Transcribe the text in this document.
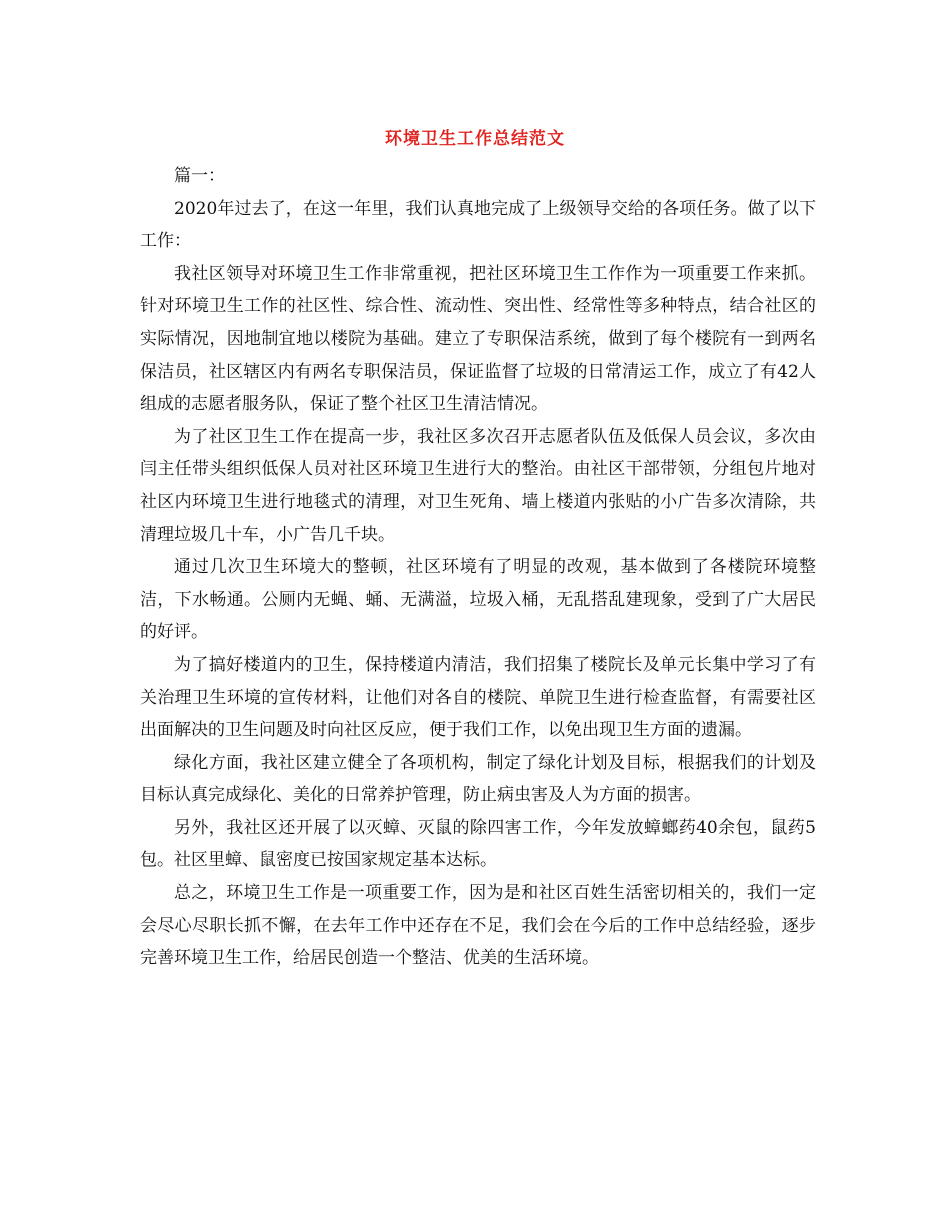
环境卫生工作总结范文

篇一：

2020年过去了，在这一年里，我们认真地完成了上级领导交给的各项任务。做了以下工作：

我社区领导对环境卫生工作非常重视，把社区环境卫生工作作为一项重要工作来抓。针对环境卫生工作的社区性、综合性、流动性、突出性、经常性等多种特点，结合社区的实际情况，因地制宜地以楼院为基础。建立了专职保洁系统，做到了每个楼院有一到两名保洁员，社区辖区内有两名专职保洁员，保证监督了垃圾的日常清运工作，成立了有42人组成的志愿者服务队，保证了整个社区卫生清洁情况。

为了社区卫生工作在提高一步，我社区多次召开志愿者队伍及低保人员会议，多次由闫主任带头组织低保人员对社区环境卫生进行大的整治。由社区干部带领，分组包片地对社区内环境卫生进行地毯式的清理，对卫生死角、墙上楼道内张贴的小广告多次清除，共清理垃圾几十车，小广告几千块。

通过几次卫生环境大的整顿，社区环境有了明显的改观，基本做到了各楼院环境整洁，下水畅通。公厕内无蝇、蛹、无满溢，垃圾入桶，无乱搭乱建现象，受到了广大居民的好评。

为了搞好楼道内的卫生，保持楼道内清洁，我们招集了楼院长及单元长集中学习了有关治理卫生环境的宣传材料，让他们对各自的楼院、单院卫生进行检查监督，有需要社区出面解决的卫生问题及时向社区反应，便于我们工作，以免出现卫生方面的遗漏。

绿化方面，我社区建立健全了各项机构，制定了绿化计划及目标，根据我们的计划及目标认真完成绿化、美化的日常养护管理，防止病虫害及人为方面的损害。

另外，我社区还开展了以灭蟑、灭鼠的除四害工作，今年发放蟑螂药40余包，鼠药5包。社区里蟑、鼠密度已按国家规定基本达标。

总之，环境卫生工作是一项重要工作，因为是和社区百姓生活密切相关的，我们一定会尽心尽职长抓不懈，在去年工作中还存在不足，我们会在今后的工作中总结经验，逐步完善环境卫生工作，给居民创造一个整洁、优美的生活环境。
